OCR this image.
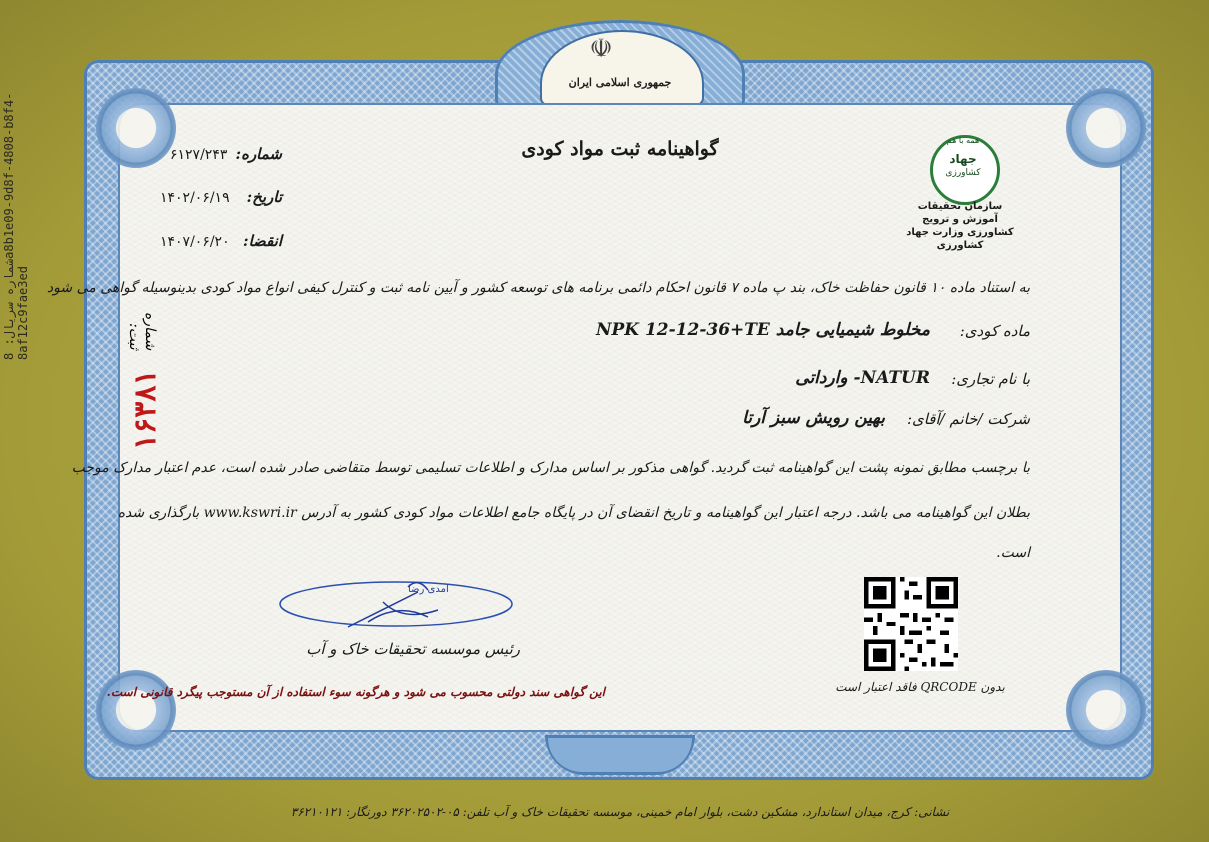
شماره سریال: 8a8b1e09-9d8f-4808-b8f4-8af12c9fae3ed
☫
جمهوری اسلامی ایران
گواهینامه ثبت مواد کودی	همه با هم
جهاد
کشاورزی
سازمان تحقیقات آموزش و ترویج کشاورزی وزارت جهاد کشاورزی
شماره:
۶۱۲۷/۲۴۳
تاریخ:
۱۴۰۲/۰۶/۱۹
انقضا:
۱۴۰۷/۰۶/۲۰
به استناد ماده ۱۰ قانون حفاظت خاک، بند پ ماده ۷ قانون احکام دائمی برنامه های توسعه کشور و آیین نامه ثبت و کنترل کیفی انواع مواد کودی بدینوسیله گواهی می شود
ماده کودی:
مخلوط شیمیایی جامد NPK 12-12-36+TE
با نام تجاری:
NATUR- وارداتی
شرکت /خانم /آقای:
بهین رویش سبز آرتا
با برچسب مطابق نمونه پشت این گواهینامه ثبت گردید. گواهی مذکور بر اساس مدارک و اطلاعات تسلیمی توسط متقاضی صادر شده است، عدم اعتبار مدارک موجب
بطلان این گواهینامه می باشد. درجه اعتبار این گواهینامه و تاریخ انقضای آن در پایگاه جامع اطلاعات مواد کودی کشور به آدرس www.kswri.ir بارگذاری شده
است.
شماره ثبت:
۱۶۳۸۱
امدی رضا
رئیس موسسه تحقیقات خاک و آب
این گواهی سند دولتی محسوب می شود و هرگونه سوء استفاده از آن مستوجب پیگرد قانونی است.	بدون QRCODE فاقد اعتبار است
نشانی: کرج، میدان استاندارد، مشکین دشت، بلوار امام خمینی، موسسه تحقیقات خاک و آب تلفن: ۰۵-۳۶۲۰۲۵۰۲ دورنگار: ۳۶۲۱۰۱۲۱
